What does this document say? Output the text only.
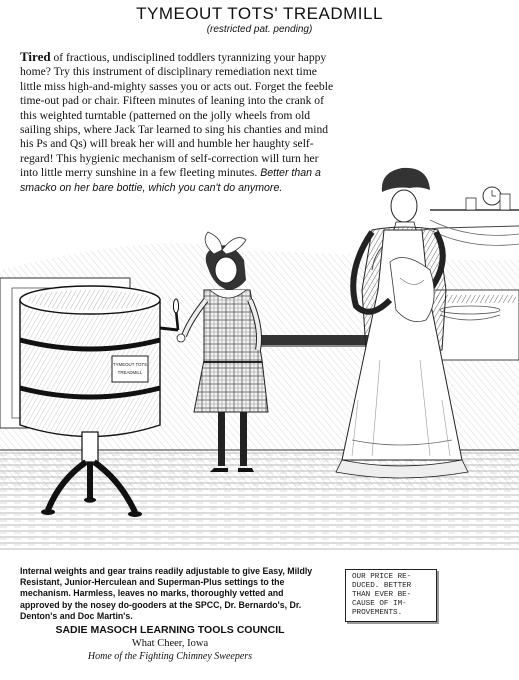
TYMEOUT TOTS' TREADMILL
(restricted pat. pending)
Tired of fractious, undisciplined toddlers tyrannizing your happy home? Try this instrument of disciplinary remediation next time little miss high-and-mighty sasses you or acts out. Forget the feeble time-out pad or chair. Fifteen minutes of leaning into the crank of this weighted turntable (patterned on the jolly wheels from old sailing ships, where Jack Tar learned to sing his chanties and mind his Ps and Qs) will break her will and humble her haughty self-regard! This hygienic mechanism of self-correction will turn her into little merry sunshine in a few fleeting minutes. Better than a smacko on her bare bottie, which you can't do anymore.
TYMEOUT TOTS
TREADMILL
Internal weights and gear trains readily adjustable to give Easy, Mildly Resistant, Junior-Herculean and Superman-Plus settings to the mechanism. Harmless, leaves no marks, thoroughly vetted and approved by the nosey do-gooders at the SPCC, Dr. Bernardo's, Dr. Denton's and Doc Martin's.
OUR PRICE RE-
DUCED. BETTER
THAN EVER BE-
CAUSE OF IM-
PROVEMENTS.
SADIE MASOCH LEARNING TOOLS COUNCIL
What Cheer, Iowa
Home of the Fighting Chimney Sweepers
